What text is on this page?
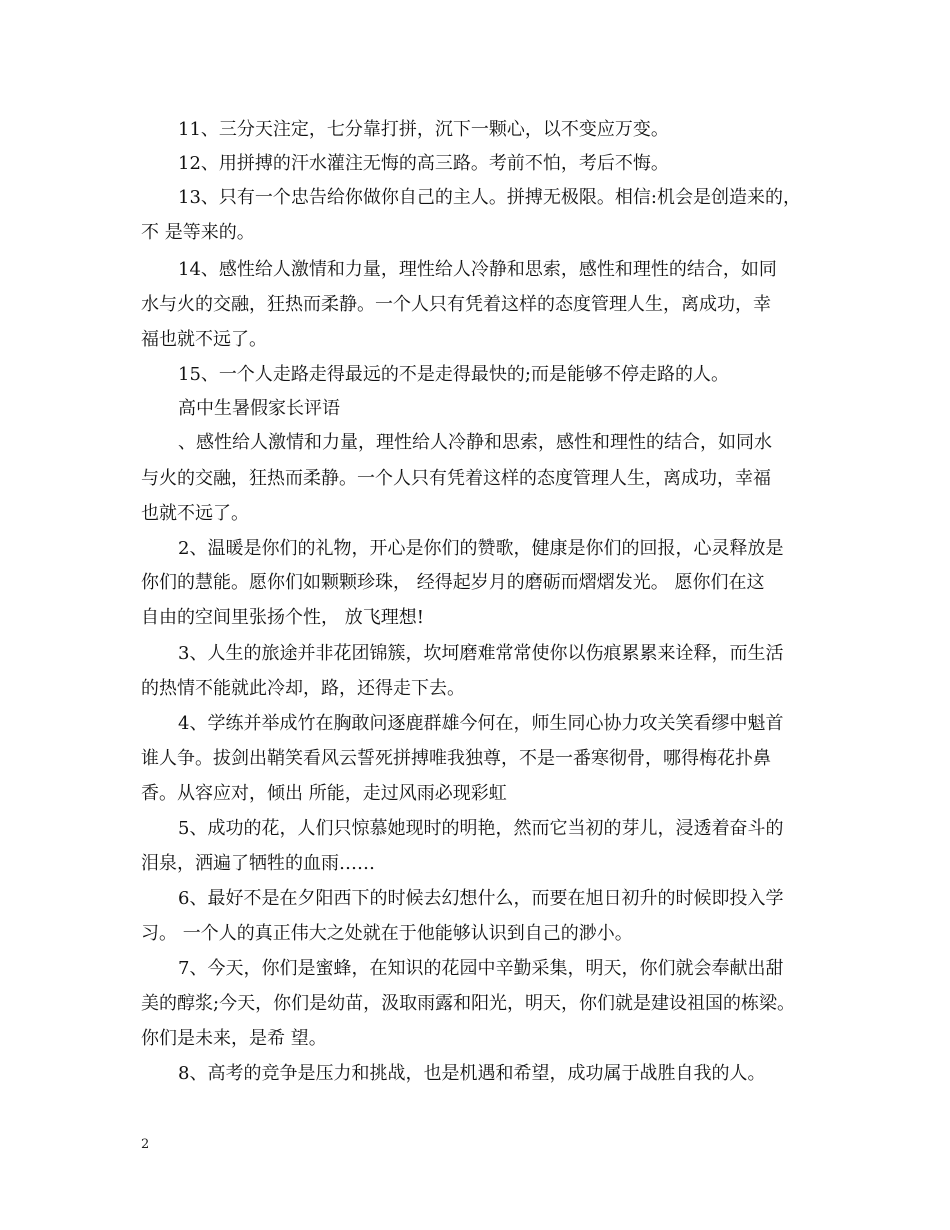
11、三分天注定，七分靠打拼，沉下一颗心，以不变应万变。
12、用拼搏的汗水灌注无悔的高三路。考前不怕，考后不悔。
13、只有一个忠告给你做你自己的主人。拼搏无极限。相信:机会是创造来的，
不 是等来的。
14、感性给人激情和力量，理性给人冷静和思索，感性和理性的结合，如同
水与火的交融，狂热而柔静。一个人只有凭着这样的态度管理人生，离成功，幸
福也就不远了。
15、一个人走路走得最远的不是走得最快的;而是能够不停走路的人。
高中生暑假家长评语
、感性给人激情和力量，理性给人冷静和思索，感性和理性的结合，如同水
与火的交融，狂热而柔静。一个人只有凭着这样的态度管理人生，离成功，幸福
也就不远了。
2、温暖是你们的礼物，开心是你们的赞歌，健康是你们的回报，心灵释放是
你们的慧能。愿你们如颗颗珍珠， 经得起岁月的磨砺而熠熠发光。 愿你们在这
自由的空间里张扬个性， 放飞理想!
3、人生的旅途并非花团锦簇，坎坷磨难常常使你以伤痕累累来诠释，而生活
的热情不能就此冷却，路，还得走下去。
4、学练并举成竹在胸敢问逐鹿群雄今何在，师生同心协力攻关笑看缪中魁首
谁人争。拔剑出鞘笑看风云誓死拼搏唯我独尊，不是一番寒彻骨，哪得梅花扑鼻
香。从容应对，倾出 所能，走过风雨必现彩虹
5、成功的花，人们只惊慕她现时的明艳，然而它当初的芽儿，浸透着奋斗的
泪泉，洒遍了牺牲的血雨……
6、最好不是在夕阳西下的时候去幻想什么，而要在旭日初升的时候即投入学
习。 一个人的真正伟大之处就在于他能够认识到自己的渺小。
7、今天，你们是蜜蜂，在知识的花园中辛勤采集，明天，你们就会奉献出甜
美的醇浆;今天，你们是幼苗，汲取雨露和阳光，明天，你们就是建设祖国的栋梁。
你们是未来，是希 望。
8、高考的竞争是压力和挑战，也是机遇和希望，成功属于战胜自我的人。
2
